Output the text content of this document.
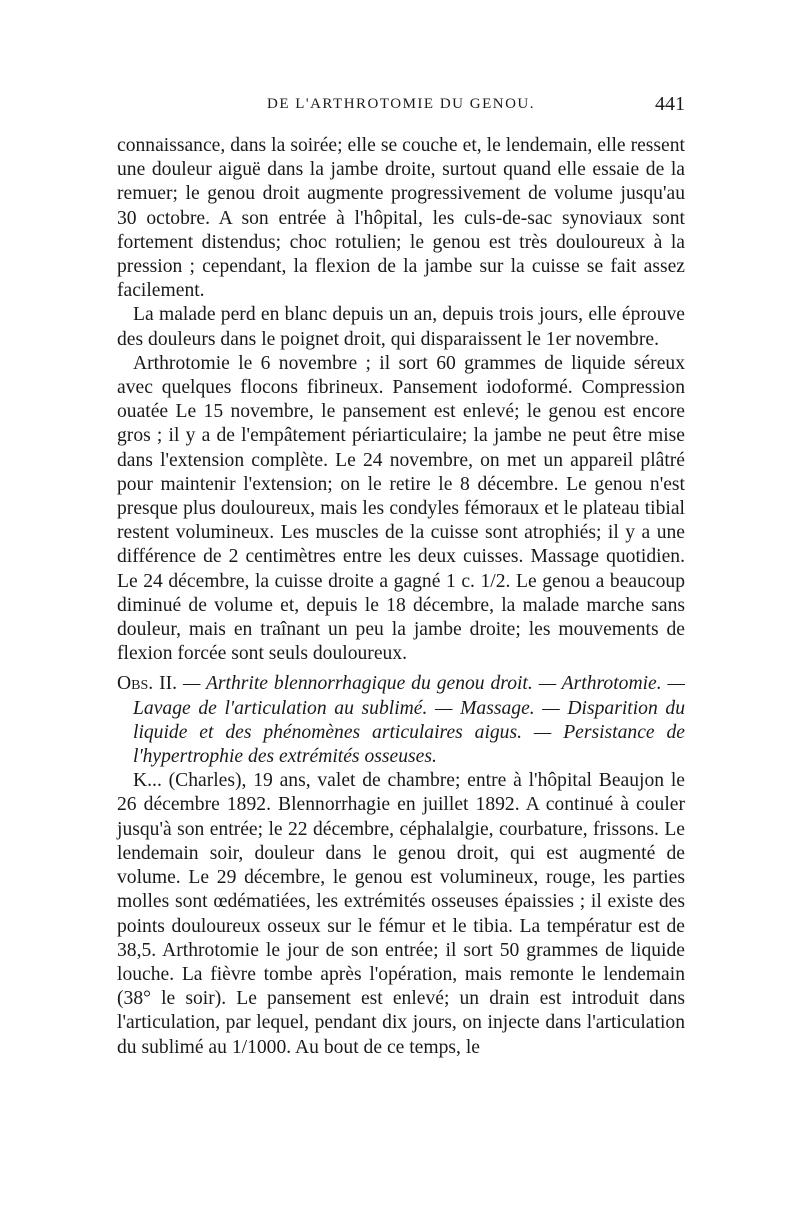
DE L'ARTHROTOMIE DU GENOU.	441

connaissance, dans la soirée; elle se couche et, le lendemain, elle ressent une douleur aiguë dans la jambe droite, surtout quand elle essaie de la remuer; le genou droit augmente progressivement de volume jusqu'au 30 octobre. A son entrée à l'hôpital, les culs-de-sac synoviaux sont fortement distendus; choc rotulien; le genou est très douloureux à la pression ; cependant, la flexion de la jambe sur la cuisse se fait assez facilement.

La malade perd en blanc depuis un an, depuis trois jours, elle éprouve des douleurs dans le poignet droit, qui disparaissent le 1er novembre.

Arthrotomie le 6 novembre ; il sort 60 grammes de liquide séreux avec quelques flocons fibrineux. Pansement iodoformé. Compression ouatée Le 15 novembre, le pansement est enlevé; le genou est encore gros ; il y a de l'empâtement périarticulaire; la jambe ne peut être mise dans l'extension complète. Le 24 novembre, on met un appareil plâtré pour maintenir l'extension; on le retire le 8 décembre. Le genou n'est presque plus douloureux, mais les condyles fémoraux et le plateau tibial restent volumineux. Les muscles de la cuisse sont atrophiés; il y a une différence de 2 centimètres entre les deux cuisses. Massage quotidien. Le 24 décembre, la cuisse droite a gagné 1 c. 1/2. Le genou a beaucoup diminué de volume et, depuis le 18 décembre, la malade marche sans douleur, mais en traînant un peu la jambe droite; les mouvements de flexion forcée sont seuls douloureux.

Obs. II. — Arthrite blennorrhagique du genou droit. — Arthrotomie. — Lavage de l'articulation au sublimé. — Massage. — Disparition du liquide et des phénomènes articulaires aigus. — Persistance de l'hypertrophie des extrémités osseuses.

K... (Charles), 19 ans, valet de chambre; entre à l'hôpital Beaujon le 26 décembre 1892. Blennorrhagie en juillet 1892. A continué à couler jusqu'à son entrée; le 22 décembre, céphalalgie, courbature, frissons. Le lendemain soir, douleur dans le genou droit, qui est augmenté de volume. Le 29 décembre, le genou est volumineux, rouge, les parties molles sont œdématiées, les extrémités osseuses épaissies ; il existe des points douloureux osseux sur le fémur et le tibia. La températur est de 38,5. Arthrotomie le jour de son entrée; il sort 50 grammes de liquide louche. La fièvre tombe après l'opération, mais remonte le lendemain (38° le soir). Le pansement est enlevé; un drain est introduit dans l'articulation, par lequel, pendant dix jours, on injecte dans l'articulation du sublimé au 1/1000. Au bout de ce temps, le
